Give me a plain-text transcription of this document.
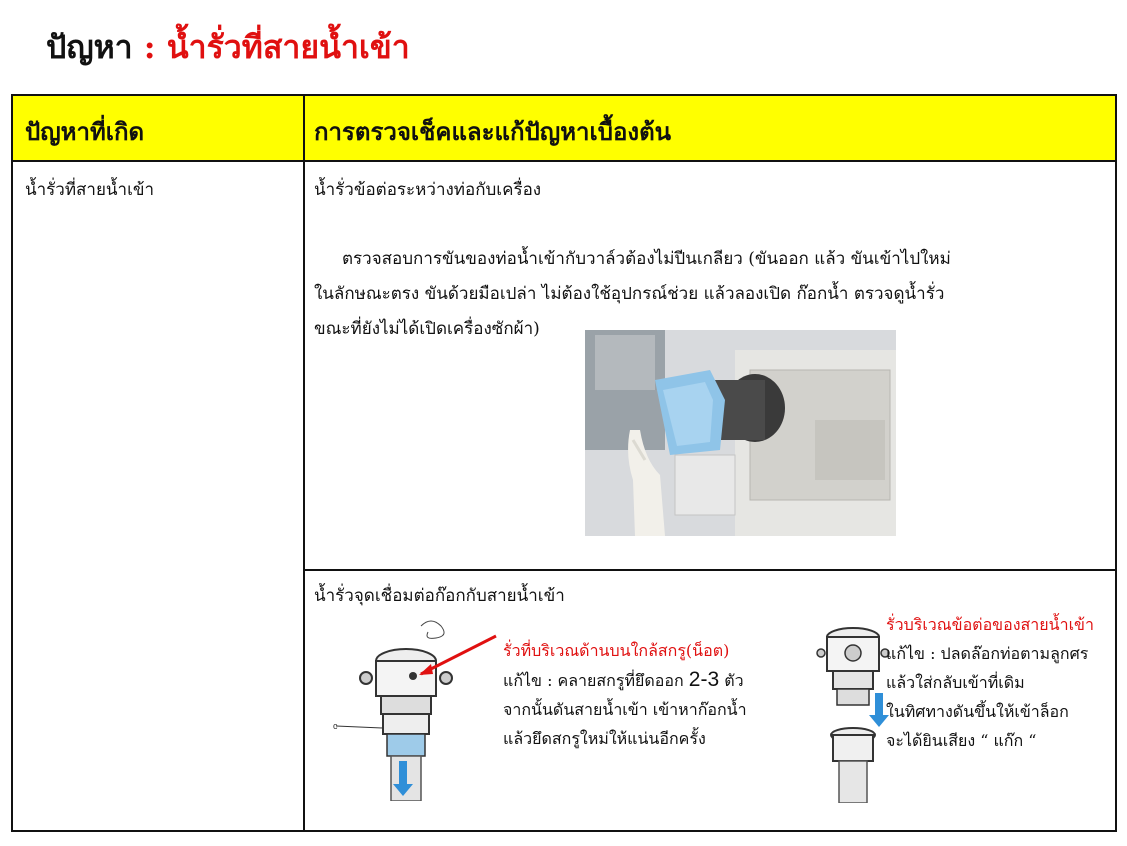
ปัญหา : น้ำรั่วที่สายน้ำเข้า
ปัญหาที่เกิด	การตรวจเช็คและแก้ปัญหาเบื้องต้น
น้ำรั่วที่สายน้ำเข้า	น้ำรั่วข้อต่อระหว่างท่อกับเครื่อง
ตรวจสอบการขันของท่อน้ำเข้ากับวาล์วต้องไม่ปีนเกลียว (ขันออก แล้ว ขันเข้าไปใหม่
ในลักษณะตรง ขันด้วยมือเปล่า ไม่ต้องใช้อุปกรณ์ช่วย แล้วลองเปิด ก๊อกน้ำ ตรวจดูน้ำรั่ว
ขณะที่ยังไม่ได้เปิดเครื่องซักผ้า)
น้ำรั่วจุดเชื่อมต่อก๊อกกับสายน้ำเข้า
c
รั่วที่บริเวณด้านบนใกล้สกรู(น็อต)
แก้ไข : คลายสกรูที่ยึดออก 2-3 ตัว
จากนั้นดันสายน้ำเข้า เข้าหาก๊อกน้ำ
แล้วยึดสกรูใหม่ให้แน่นอีกครั้ง
รั่วบริเวณข้อต่อของสายน้ำเข้า
แก้ไข : ปลดล๊อกท่อตามลูกศร
แล้วใส่กลับเข้าที่เดิม
ในทิศทางดันขึ้นให้เข้าล็อก
จะได้ยินเสียง “ แก๊ก “
